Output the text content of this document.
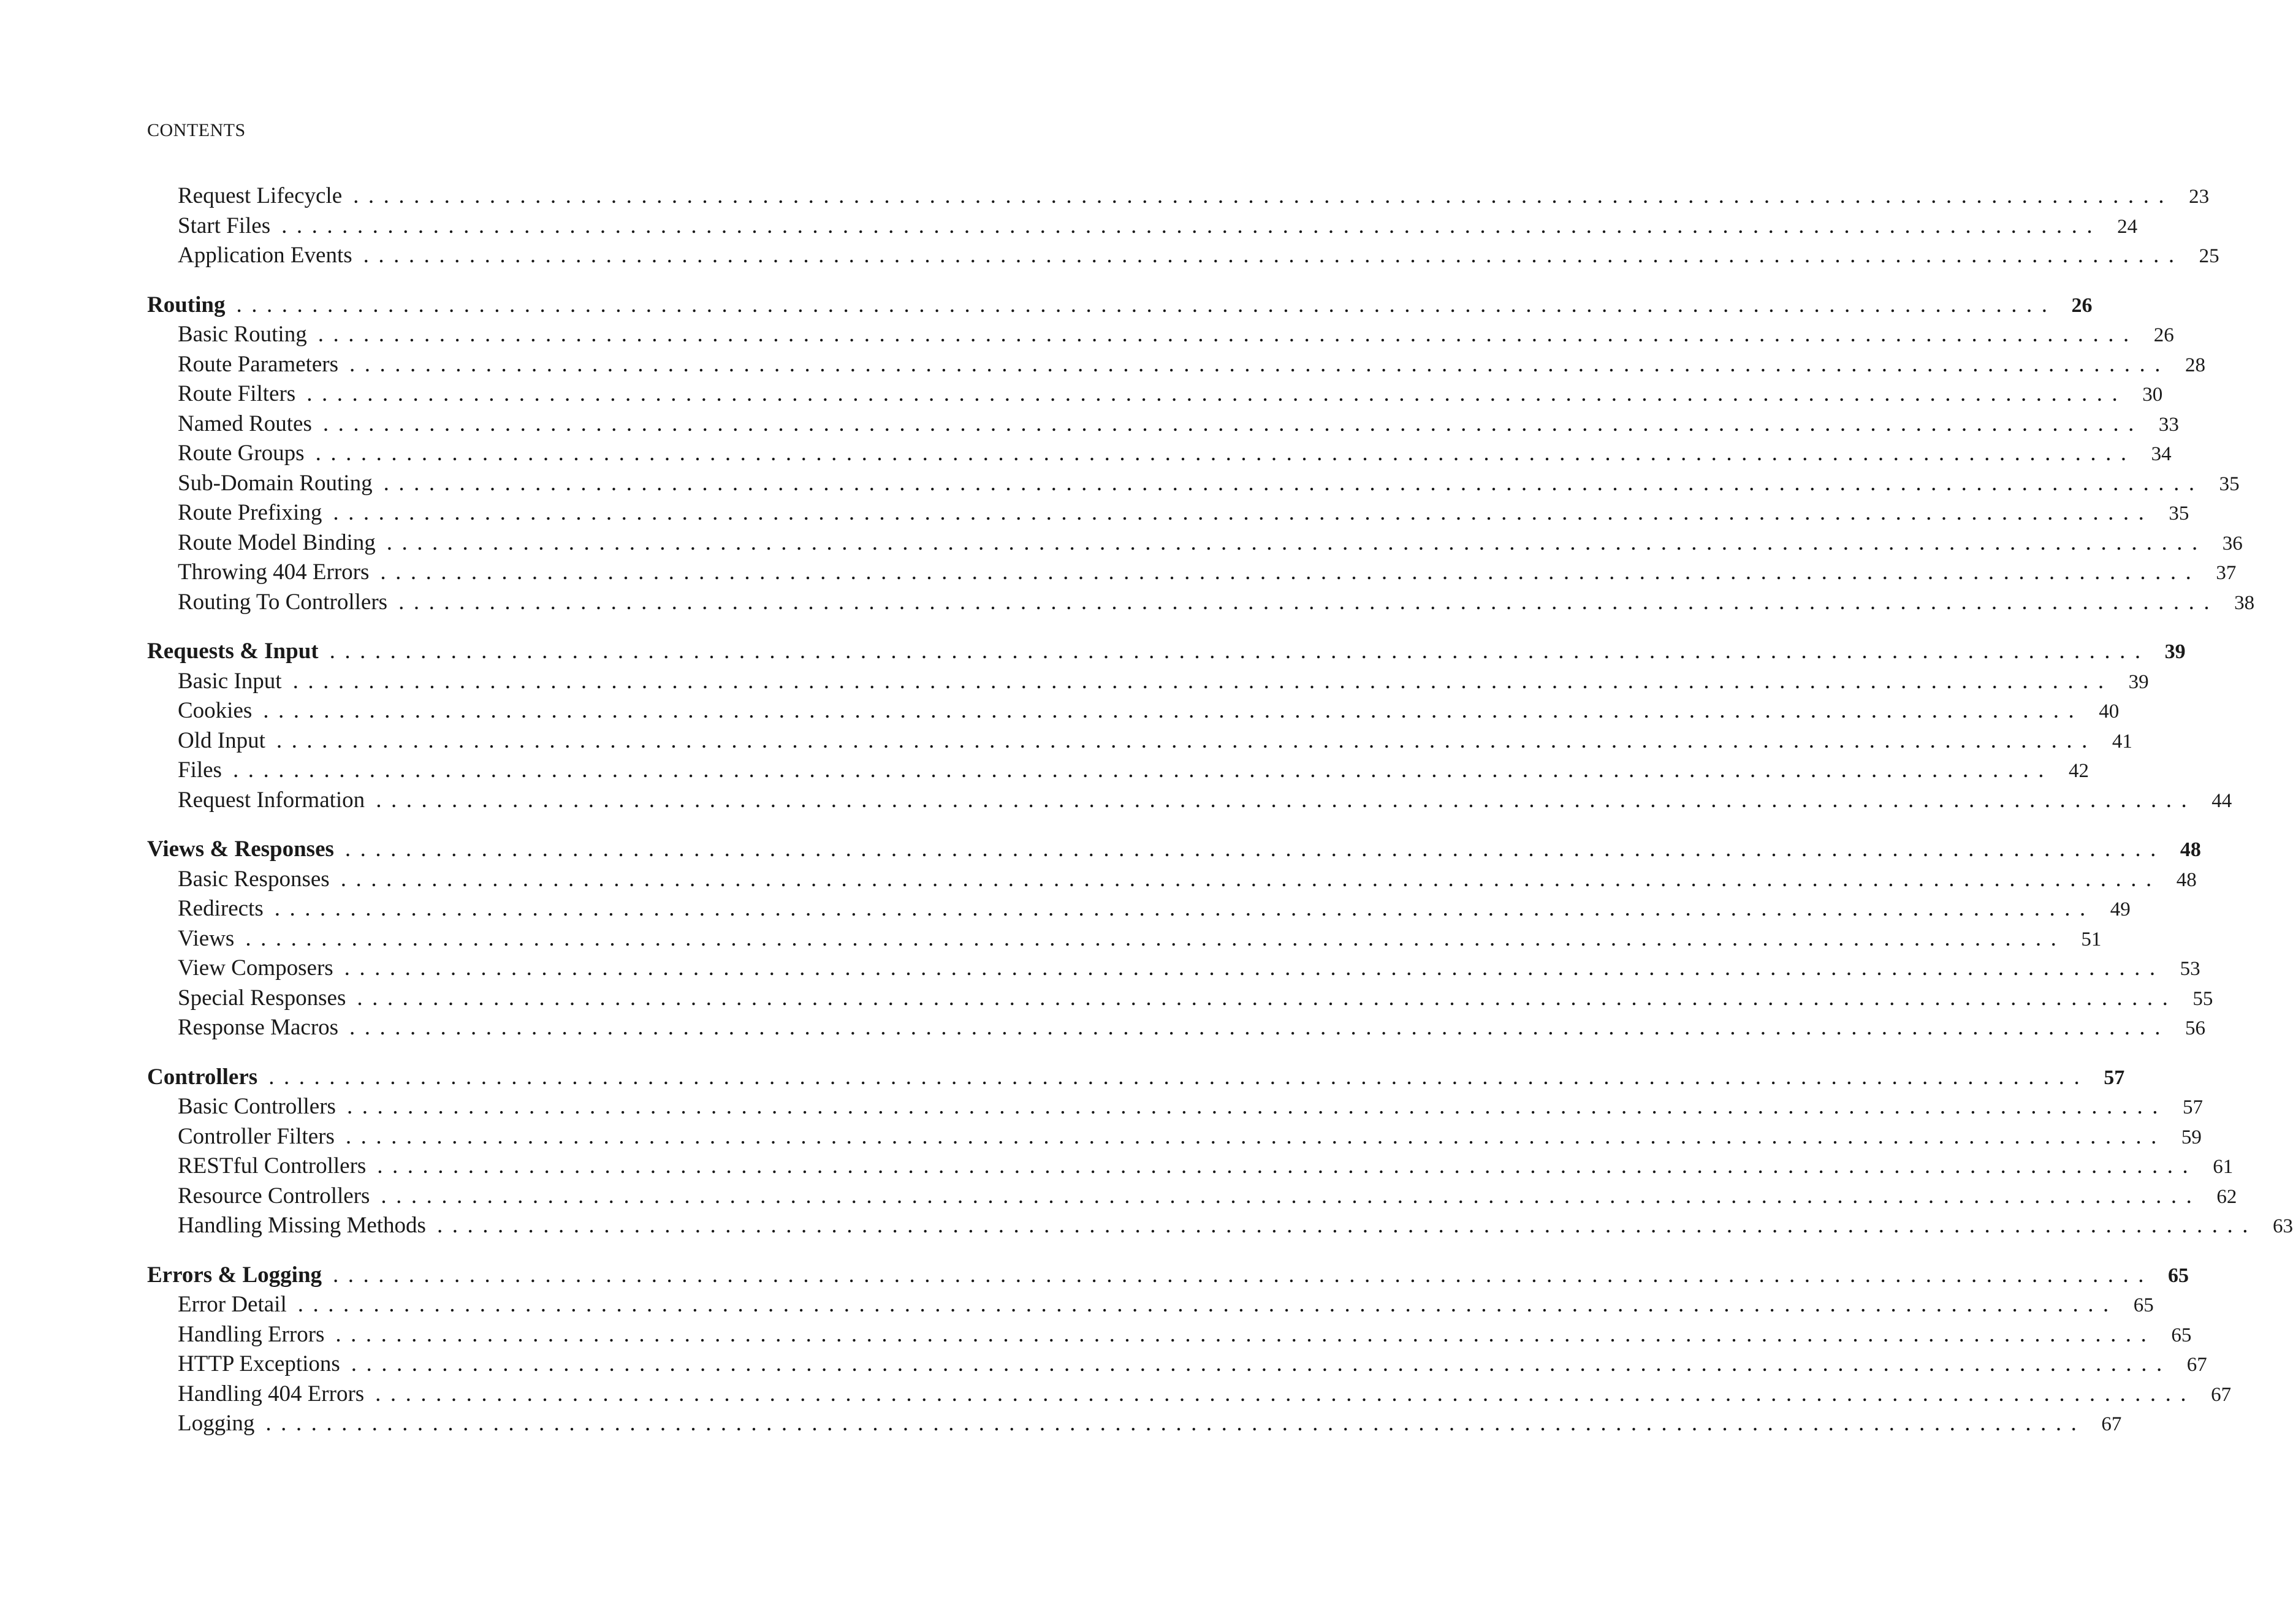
CONTENTS
Request Lifecycle ........................................................................................................................ 23
Start Files ........................................................................................................................ 24
Application Events ........................................................................................................................ 25
Routing ........................................................................................................................ 26
Basic Routing ........................................................................................................................ 26
Route Parameters ........................................................................................................................ 28
Route Filters ........................................................................................................................ 30
Named Routes ........................................................................................................................ 33
Route Groups ........................................................................................................................ 34
Sub-Domain Routing ........................................................................................................................ 35
Route Prefixing ........................................................................................................................ 35
Route Model Binding ........................................................................................................................ 36
Throwing 404 Errors ........................................................................................................................ 37
Routing To Controllers ........................................................................................................................ 38
Requests & Input ........................................................................................................................ 39
Basic Input ........................................................................................................................ 39
Cookies ........................................................................................................................ 40
Old Input ........................................................................................................................ 41
Files ........................................................................................................................ 42
Request Information ........................................................................................................................ 44
Views & Responses ........................................................................................................................ 48
Basic Responses ........................................................................................................................ 48
Redirects ........................................................................................................................ 49
Views ........................................................................................................................ 51
View Composers ........................................................................................................................ 53
Special Responses ........................................................................................................................ 55
Response Macros ........................................................................................................................ 56
Controllers ........................................................................................................................ 57
Basic Controllers ........................................................................................................................ 57
Controller Filters ........................................................................................................................ 59
RESTful Controllers ........................................................................................................................ 61
Resource Controllers ........................................................................................................................ 62
Handling Missing Methods ........................................................................................................................ 63
Errors & Logging ........................................................................................................................ 65
Error Detail ........................................................................................................................ 65
Handling Errors ........................................................................................................................ 65
HTTP Exceptions ........................................................................................................................ 67
Handling 404 Errors ........................................................................................................................ 67
Logging ........................................................................................................................ 67
